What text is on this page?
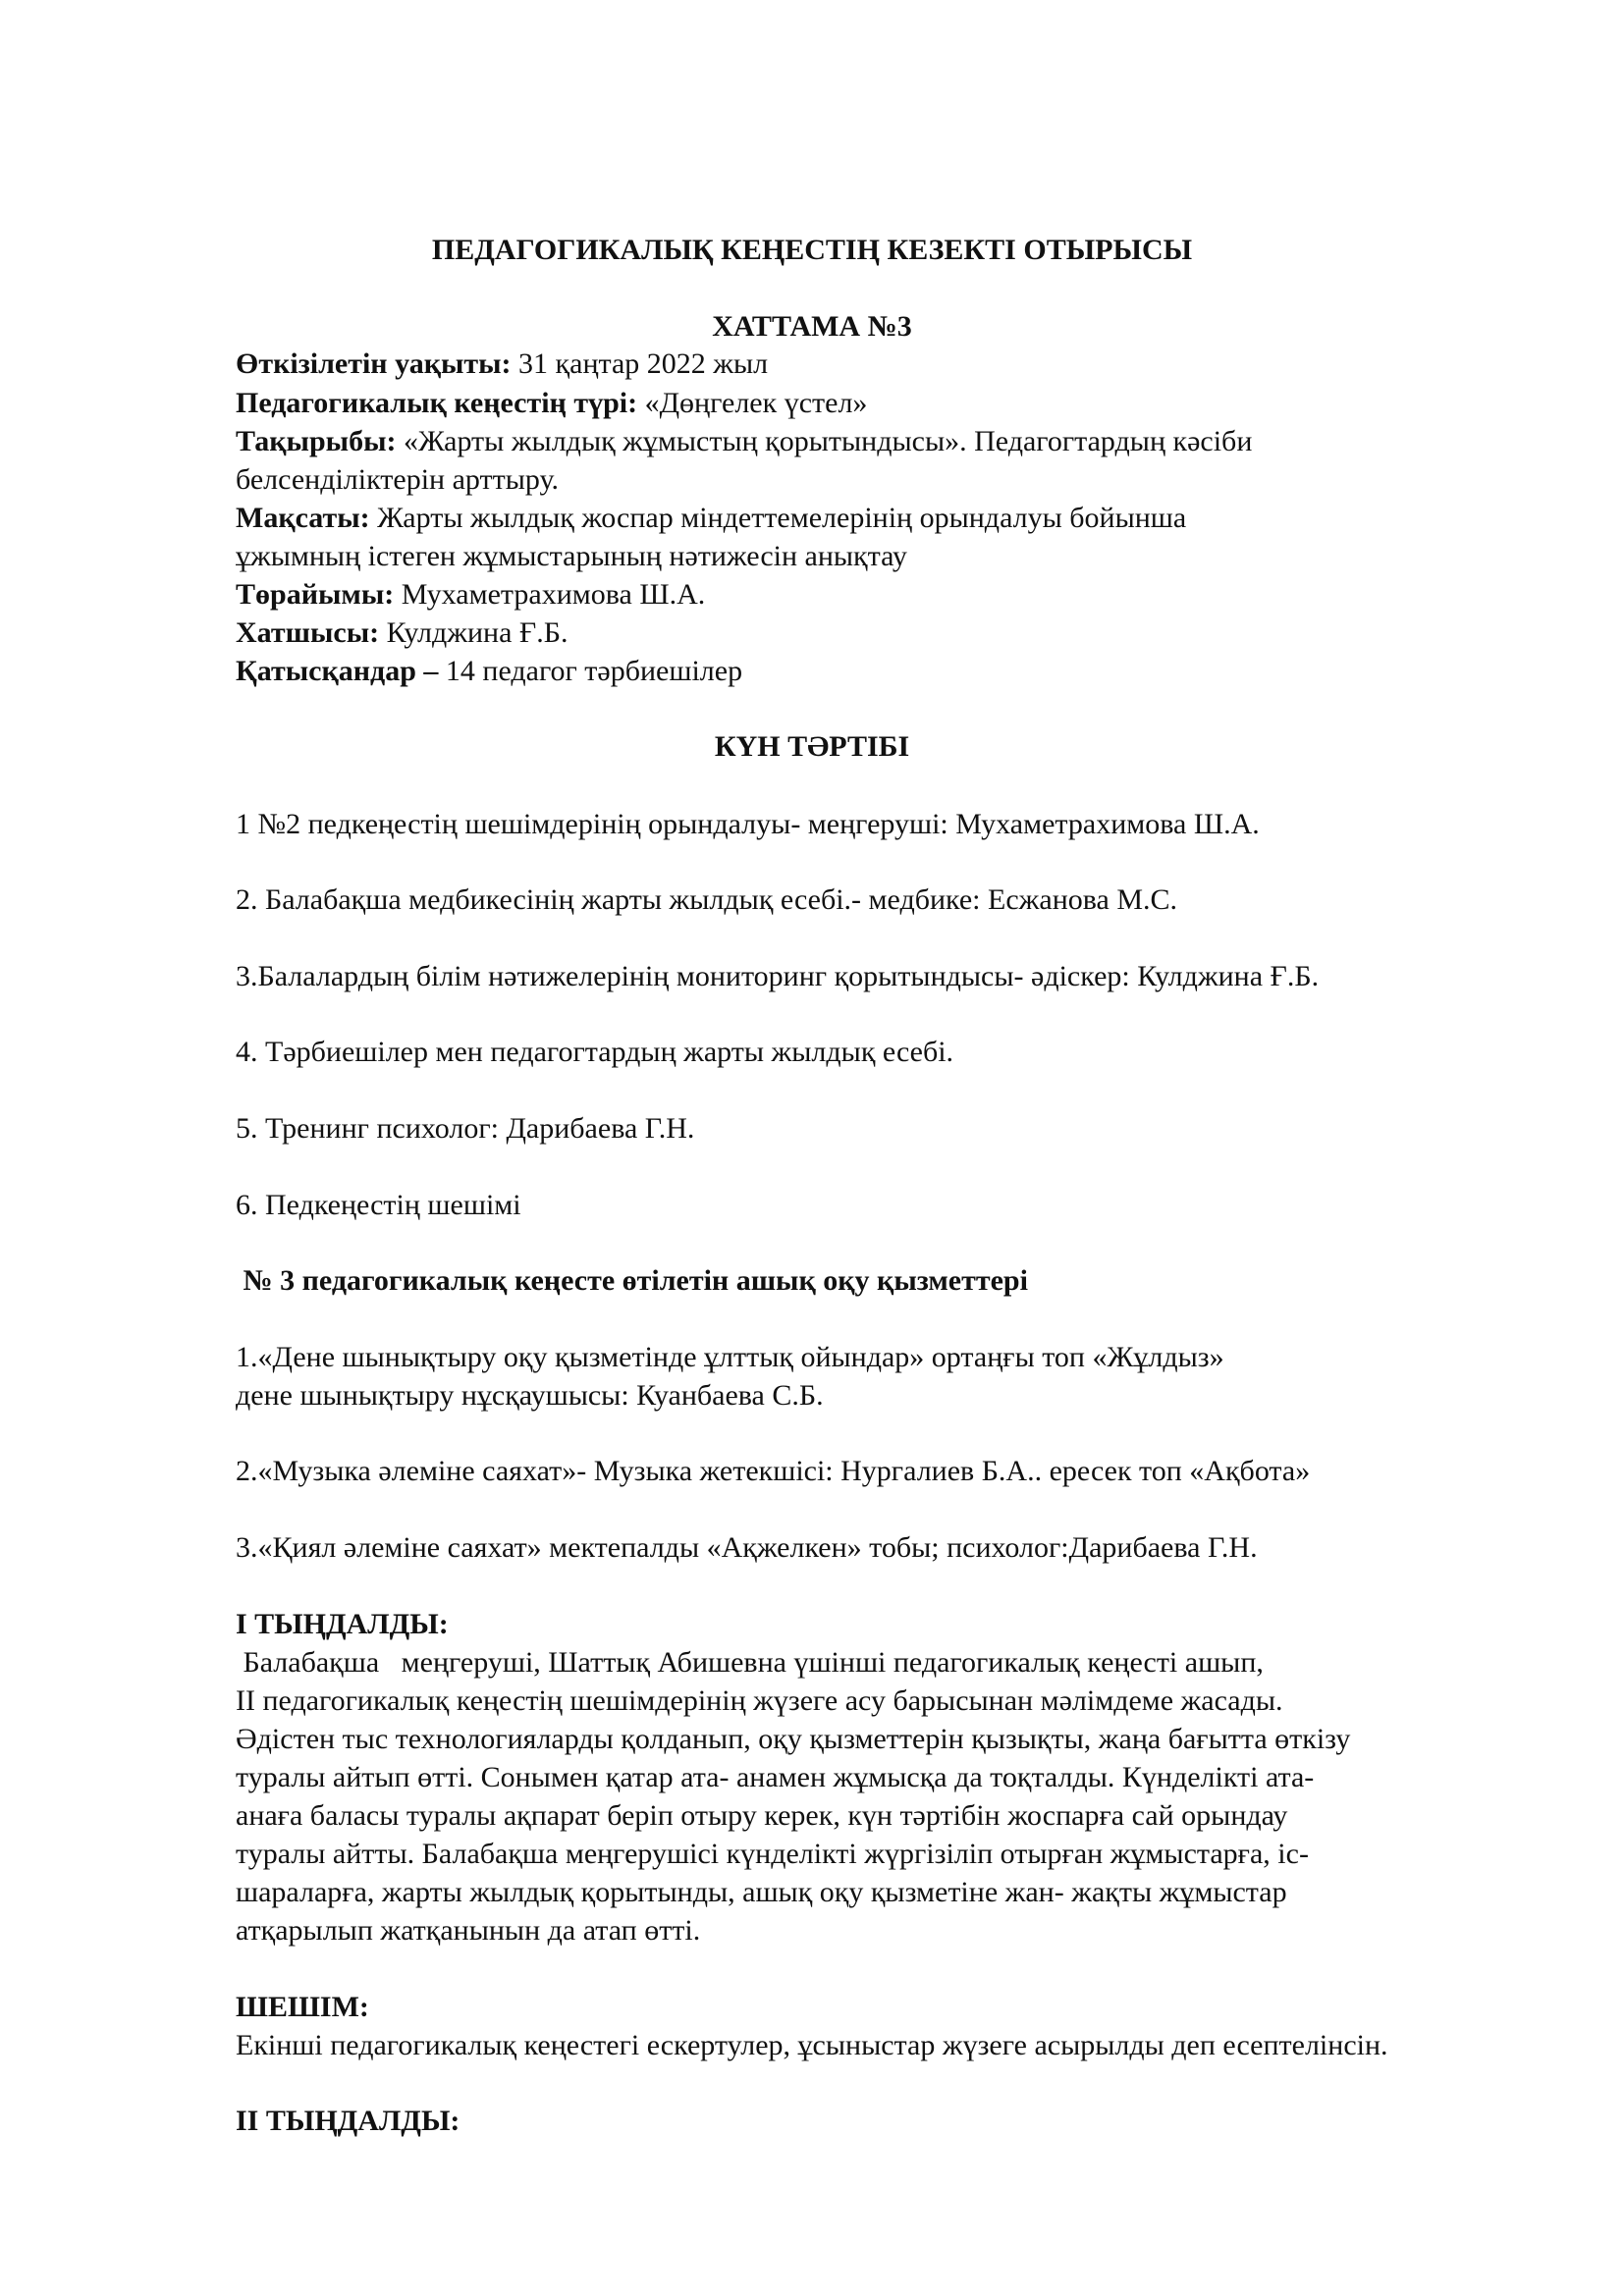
ПЕДАГОГИКАЛЫҚ КЕҢЕСТІҢ КЕЗЕКТІ ОТЫРЫСЫ
ХАТТАМА №3
Өткізілетін уақыты: 31 қаңтар 2022 жыл
Педагогикалық кеңестің түрі: «Дөңгелек үстел»
Тақырыбы: «Жарты жылдық жұмыстың қорытындысы». Педагогтардың кәсіби
белсенділіктерін арттыру.
Мақсаты: Жарты жылдық жоспар міндеттемелерінің орындалуы бойынша
ұжымның істеген жұмыстарының нәтижесін анықтау
Төрайымы: Мухаметрахимова Ш.А.
Хатшысы: Кулджина Ғ.Б.
Қатысқандар – 14 педагог тәрбиешілер
КҮН ТӘРТІБІ
1 №2 педкеңестің шешімдерінің орындалуы- меңгеруші: Мухаметрахимова Ш.А.
2. Балабақша медбикесінің жарты жылдық есебі.- медбике: Есжанова М.С.
3.Балалардың білім нәтижелерінің мониторинг қорытындысы- әдіскер: Кулджина Ғ.Б.
4. Тәрбиешілер мен педагогтардың жарты жылдық есебі.
5. Тренинг психолог: Дарибаева Г.Н.
6. Педкеңестің шешімі
№ 3 педагогикалық кеңесте өтілетін ашық оқу қызметтері
1.«Дене шынықтыру оқу қызметінде ұлттық ойындар» ортаңғы топ «Жұлдыз»
дене шынықтыру нұсқаушысы: Куанбаева С.Б.
2.«Музыка әлеміне саяхат»- Музыка жетекшісі: Нургалиев Б.А.. ересек топ «Ақбота»
3.«Қиял әлеміне саяхат» мектепалды «Ақжелкен» тобы; психолог:Дарибаева Г.Н.
І ТЫҢДАЛДЫ:
Балабақша   меңгеруші, Шаттық Абишевна үшінші педагогикалық кеңесті ашып,
ІІ педагогикалық кеңестің шешімдерінің жүзеге асу барысынан мәлімдеме жасады.
Әдістен тыс технологияларды қолданып, оқу қызметтерін қызықты, жаңа бағытта өткізу
туралы айтып өтті. Сонымен қатар ата- анамен жұмысқа да тоқталды. Күнделікті ата-
анаға баласы туралы ақпарат беріп отыру керек, күн тәртібін жоспарға сай орындау
туралы айтты. Балабақша меңгерушісі күнделікті жүргізіліп отырған жұмыстарға, іс-
шараларға, жарты жылдық қорытынды, ашық оқу қызметіне жан- жақты жұмыстар
атқарылып жатқанынын да атап өтті.
ШЕШІМ:
Екінші педагогикалық кеңестегі ескертулер, ұсыныстар жүзеге асырылды деп есептелінсін.
ІІ ТЫҢДАЛДЫ:
